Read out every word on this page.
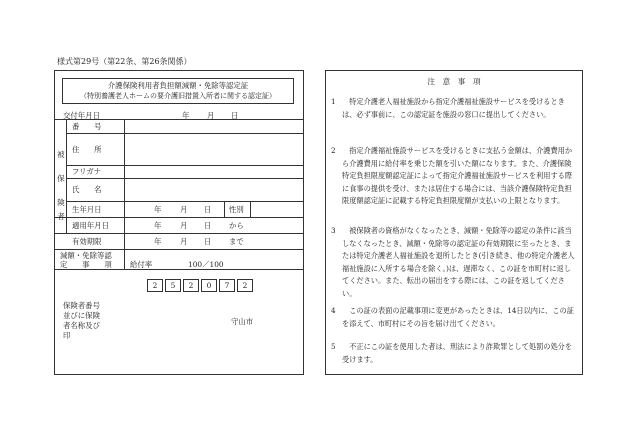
様式第29号（第22条、第26条関係）
介護保険利用者負担額減額・免除等認定証
（特別養護老人ホームの要介護旧措置入所者に関する認定証）
交付年月日	年 月 日
被
保
険
者
番　　号
住　　所
フリガナ
氏　　名
生年月日	年	月 日 性別
適用年月日	年	月 日 から
有効期限	年	月 日 まで
減額・免除等認
定　　事　　項 給付率	100／100
保険者番号
並びに保険
者名称及び
印
2	5	2	0	7	2
守山市
注　意　事　項
1 　特定介護老人福祉施設から指定介護福祉施設サービスを受けるときは、必ず事前に、この認定証を施設の窓口に提出してください。
2 　指定介護福祉施設サービスを受けるときに支払う金額は、介護費用から介護費用に給付率を乗じた額を引いた額になります。また、介護保険特定負担限度額認定証によって指定介護福祉施設サービスを利用する際に食事の提供を受け、または居住する場合には、当該介護保険特定負担限度額認定証に記載する特定負担限度額が支払いの上限となります。
3 　被保険者の資格がなくなったとき、減額・免除等の認定の条件に該当しなくなったとき、減額・免除等の認定証の有効期限に至ったとき、または特定介護老人福祉施設を退所したとき(引き続き、他の特定介護老人福祉施設に入所する場合を除く。)は、遅滞なく、この証を市町村に返してください。また、転出の届出をする際には、この証を返してください。
4 　この証の表面の記載事項に変更があったときは、14日以内に、この証を添えて、市町村にその旨を届け出てください。
5 　不正にこの証を使用した者は、刑法により詐欺罪として処罰の処分を受けます。
